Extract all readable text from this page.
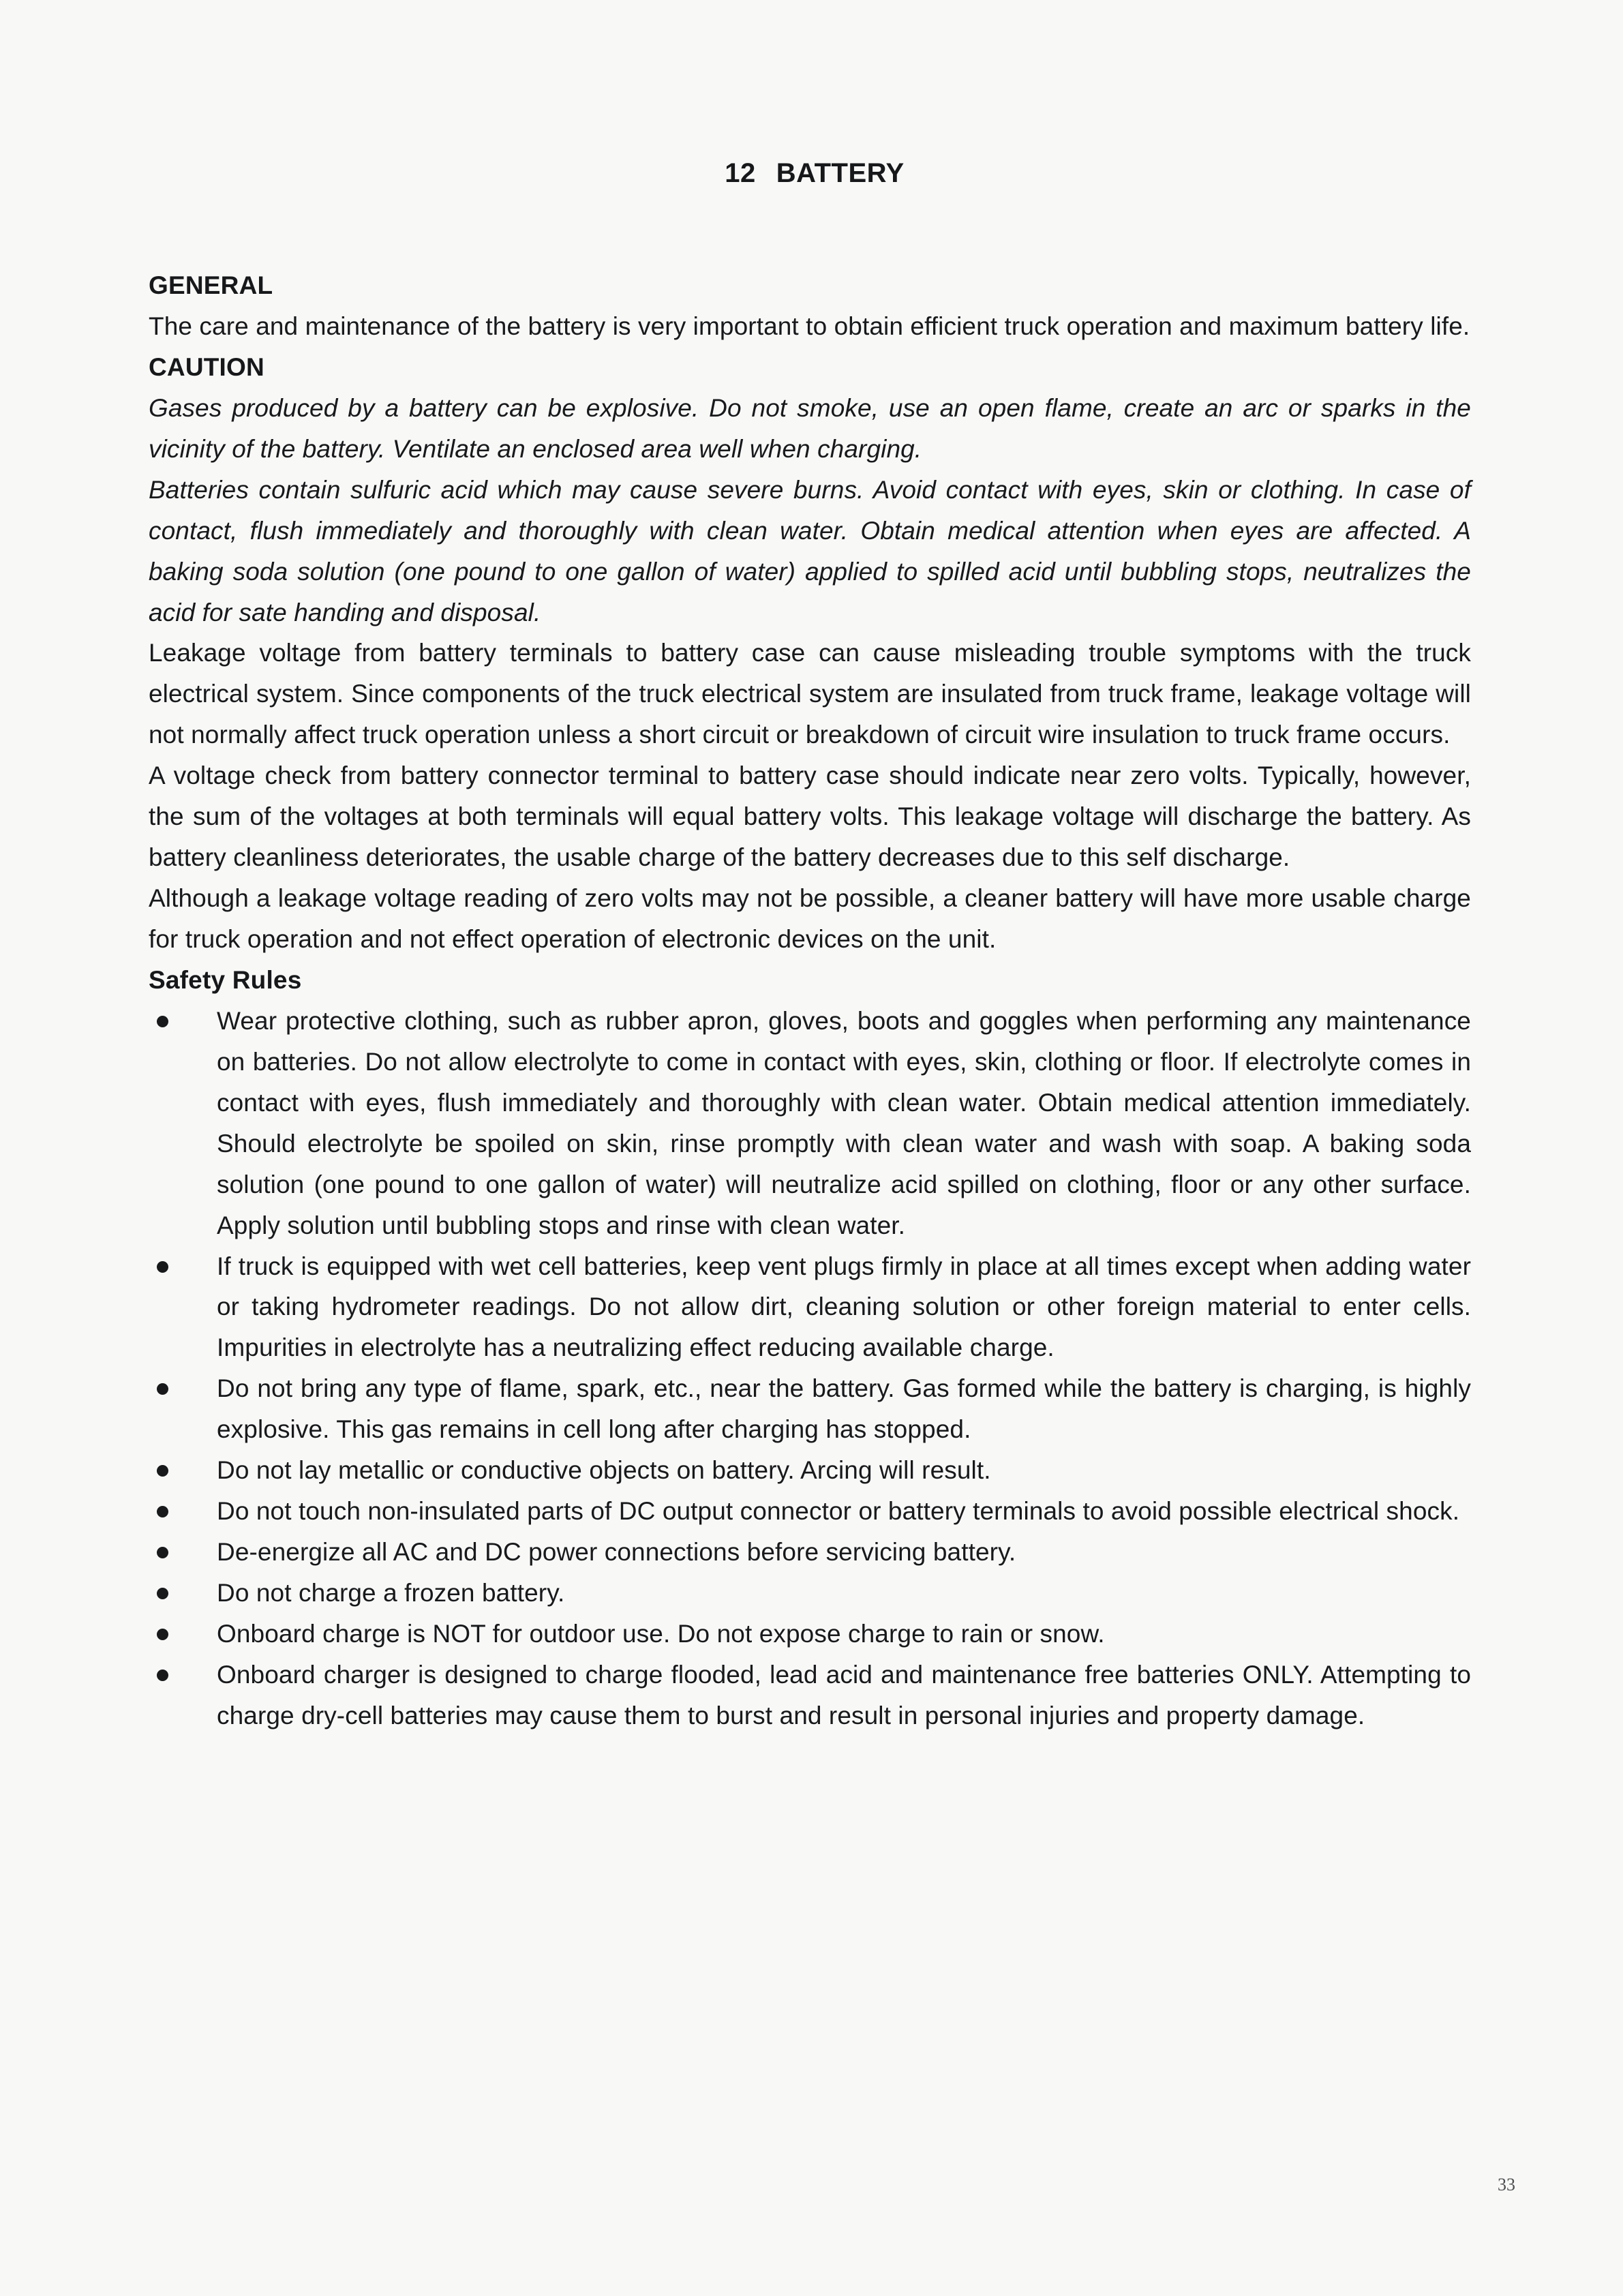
12 BATTERY
GENERAL

The care and maintenance of the battery is very important to obtain efficient truck operation and maximum battery life.

CAUTION

Gases produced by a battery can be explosive. Do not smoke, use an open flame, create an arc or sparks in the vicinity of the battery. Ventilate an enclosed area well when charging.

Batteries contain sulfuric acid which may cause severe burns. Avoid contact with eyes, skin or clothing. In case of contact, flush immediately and thoroughly with clean water. Obtain medical attention when eyes are affected. A baking soda solution (one pound to one gallon of water) applied to spilled acid until bubbling stops, neutralizes the acid for sate handing and disposal.

Leakage voltage from battery terminals to battery case can cause misleading trouble symptoms with the truck electrical system. Since components of the truck electrical system are insulated from truck frame, leakage voltage will not normally affect truck operation unless a short circuit or breakdown of circuit wire insulation to truck frame occurs.

A voltage check from battery connector terminal to battery case should indicate near zero volts. Typically, however, the sum of the voltages at both terminals will equal battery volts. This leakage voltage will discharge the battery. As battery cleanliness deteriorates, the usable charge of the battery decreases due to this self discharge.

Although a leakage voltage reading of zero volts may not be possible, a cleaner battery will have more usable charge for truck operation and not effect operation of electronic devices on the unit.

Safety Rules
Wear protective clothing, such as rubber apron, gloves, boots and goggles when performing any maintenance on batteries. Do not allow electrolyte to come in contact with eyes, skin, clothing or floor. If electrolyte comes in contact with eyes, flush immediately and thoroughly with clean water. Obtain medical attention immediately. Should electrolyte be spoiled on skin, rinse promptly with clean water and wash with soap. A baking soda solution (one pound to one gallon of water) will neutralize acid spilled on clothing, floor or any other surface. Apply solution until bubbling stops and rinse with clean water.
If truck is equipped with wet cell batteries, keep vent plugs firmly in place at all times except when adding water or taking hydrometer readings. Do not allow dirt, cleaning solution or other foreign material to enter cells. Impurities in electrolyte has a neutralizing effect reducing available charge.
Do not bring any type of flame, spark, etc., near the battery. Gas formed while the battery is charging, is highly explosive. This gas remains in cell long after charging has stopped.
Do not lay metallic or conductive objects on battery. Arcing will result.
Do not touch non-insulated parts of DC output connector or battery terminals to avoid possible electrical shock.
De-energize all AC and DC power connections before servicing battery.
Do not charge a frozen battery.
Onboard charge is NOT for outdoor use. Do not expose charge to rain or snow.
Onboard charger is designed to charge flooded, lead acid and maintenance free batteries ONLY. Attempting to charge dry-cell batteries may cause them to burst and result in personal injuries and property damage.
33
